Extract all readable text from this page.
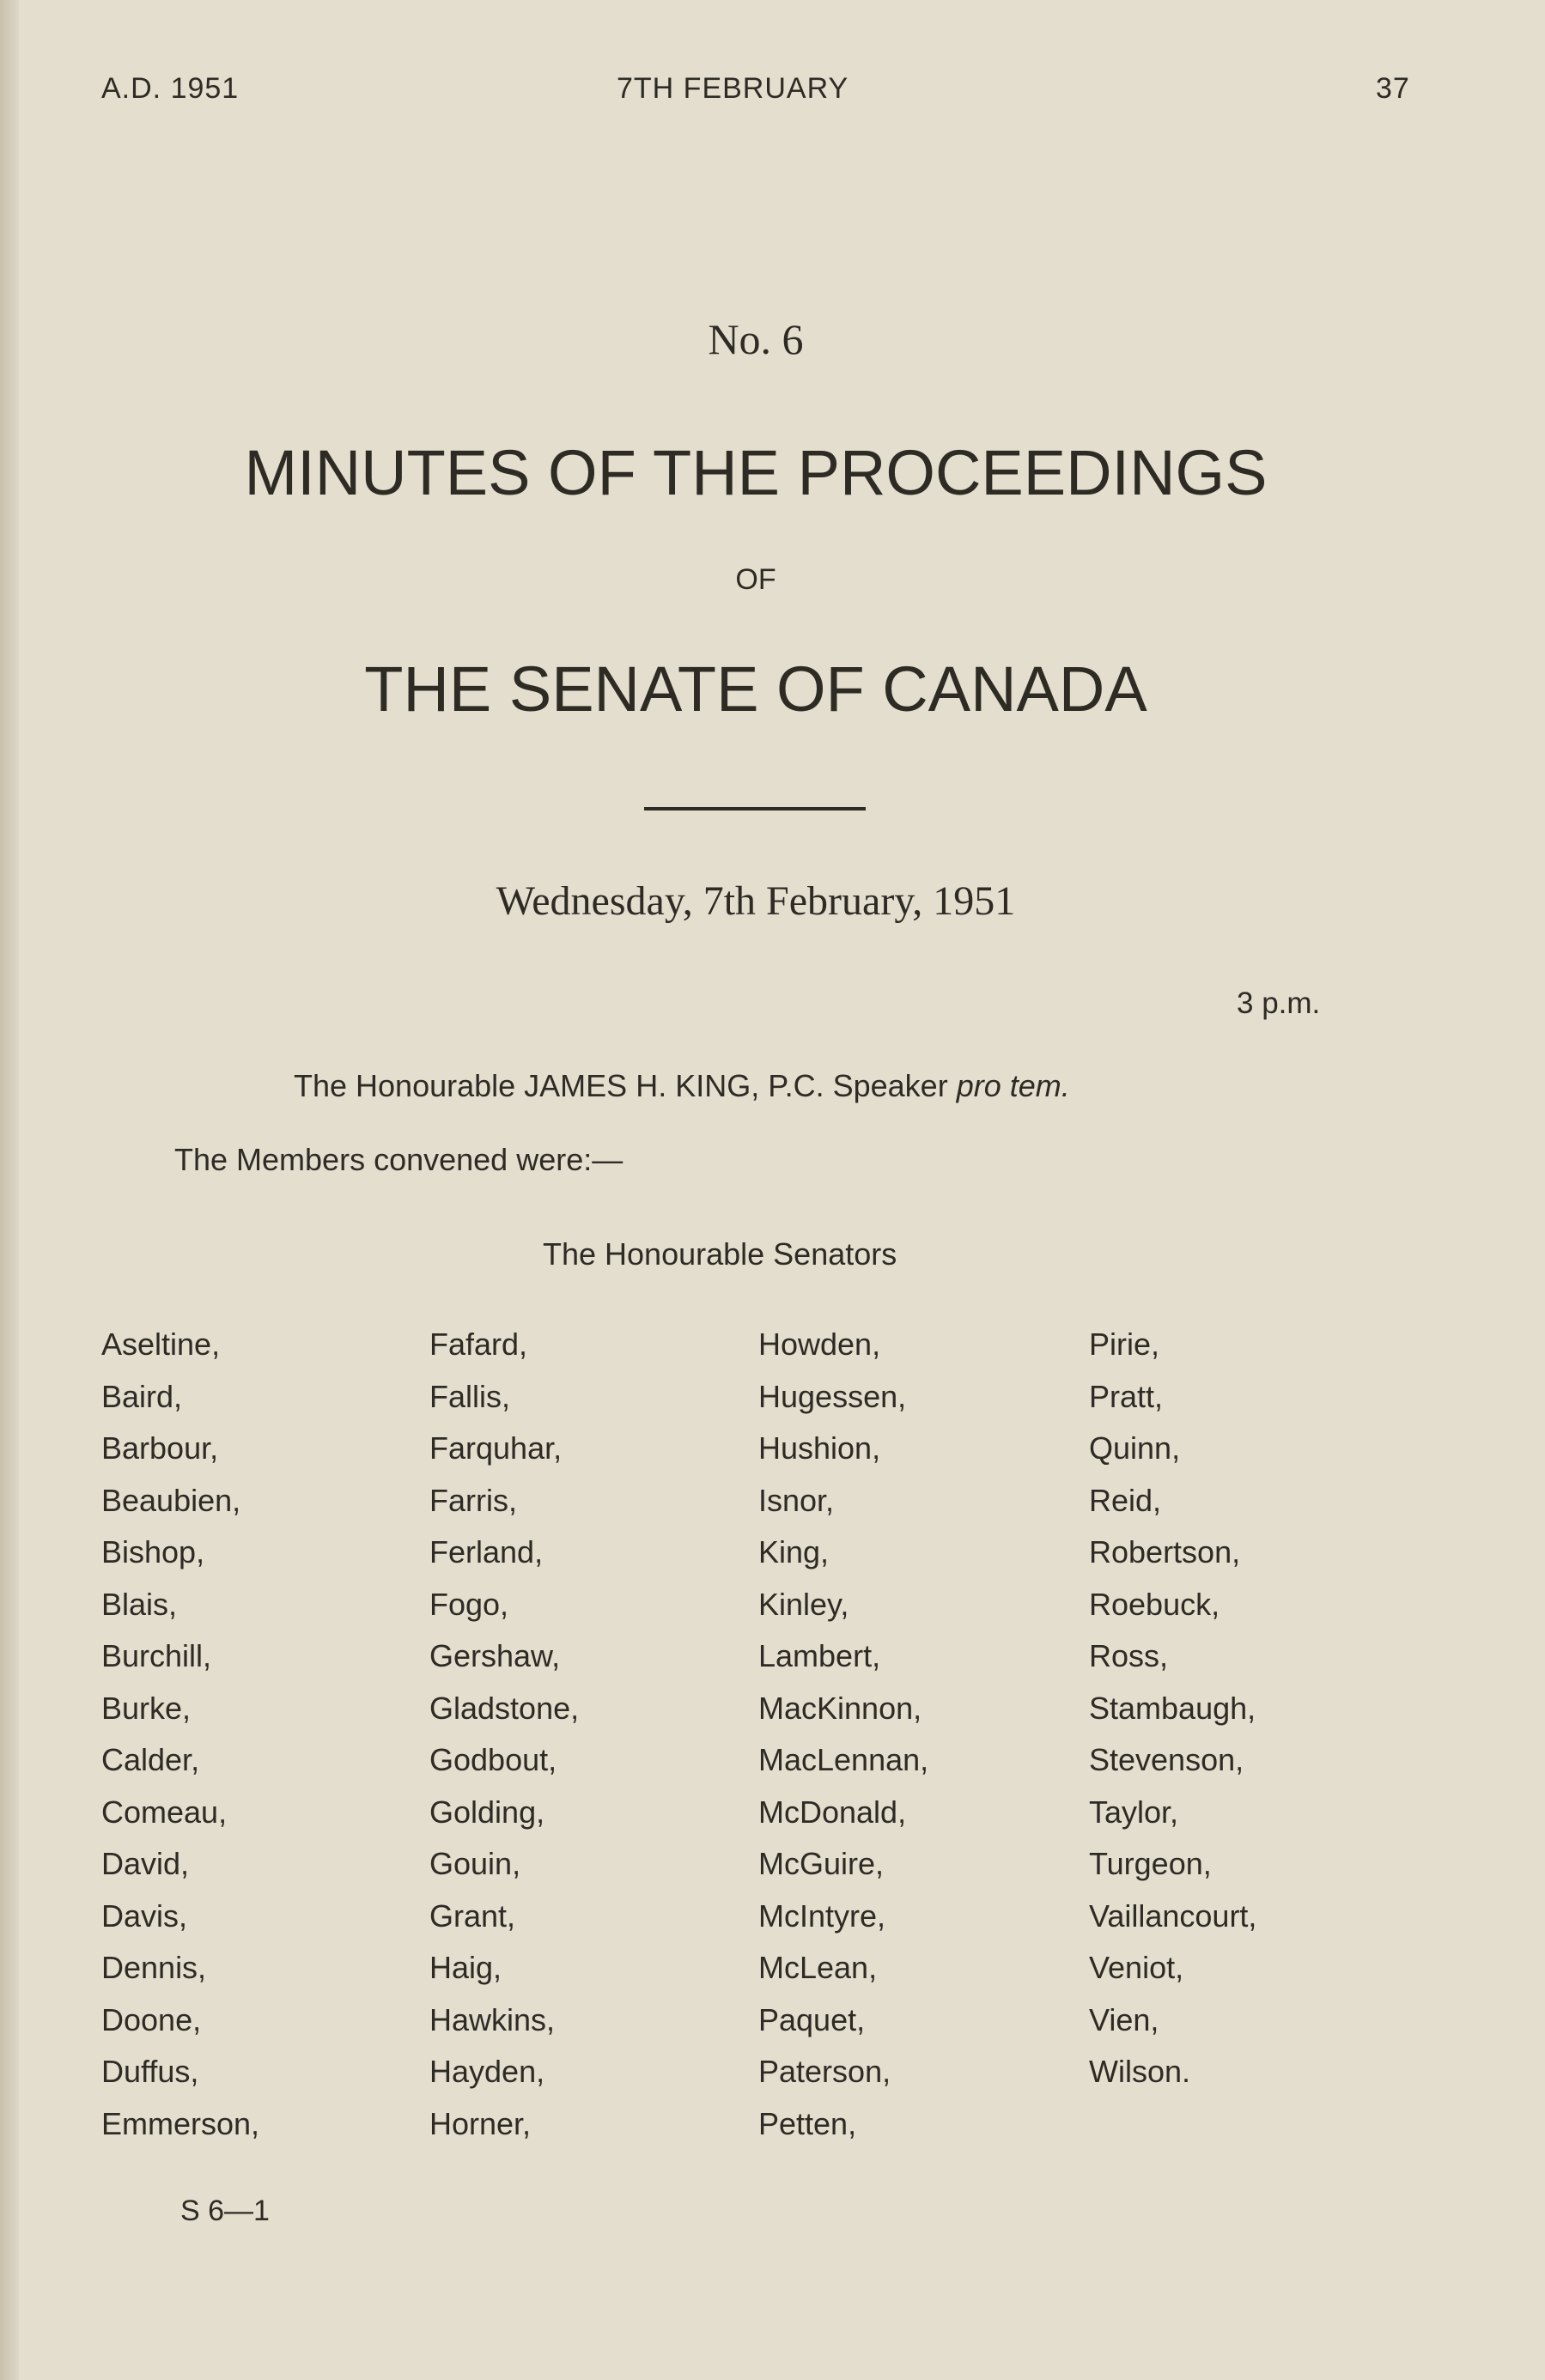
A.D. 1951	7TH FEBRUARY	37
No. 6
MINUTES OF THE PROCEEDINGS
OF
THE SENATE OF CANADA
Wednesday, 7th February, 1951
3 p.m.
The Honourable JAMES H. KING, P.C. Speaker pro tem.
The Members convened were:—
The Honourable Senators
Aseltine,
Baird,
Barbour,
Beaubien,
Bishop,
Blais,
Burchill,
Burke,
Calder,
Comeau,
David,
Davis,
Dennis,
Doone,
Duffus,
Emmerson,
Fafard,
Fallis,
Farquhar,
Farris,
Ferland,
Fogo,
Gershaw,
Gladstone,
Godbout,
Golding,
Gouin,
Grant,
Haig,
Hawkins,
Hayden,
Horner,
Howden,
Hugessen,
Hushion,
Isnor,
King,
Kinley,
Lambert,
MacKinnon,
MacLennan,
McDonald,
McGuire,
McIntyre,
McLean,
Paquet,
Paterson,
Petten,
Pirie,
Pratt,
Quinn,
Reid,
Robertson,
Roebuck,
Ross,
Stambaugh,
Stevenson,
Taylor,
Turgeon,
Vaillancourt,
Veniot,
Vien,
Wilson.
S 6—1
